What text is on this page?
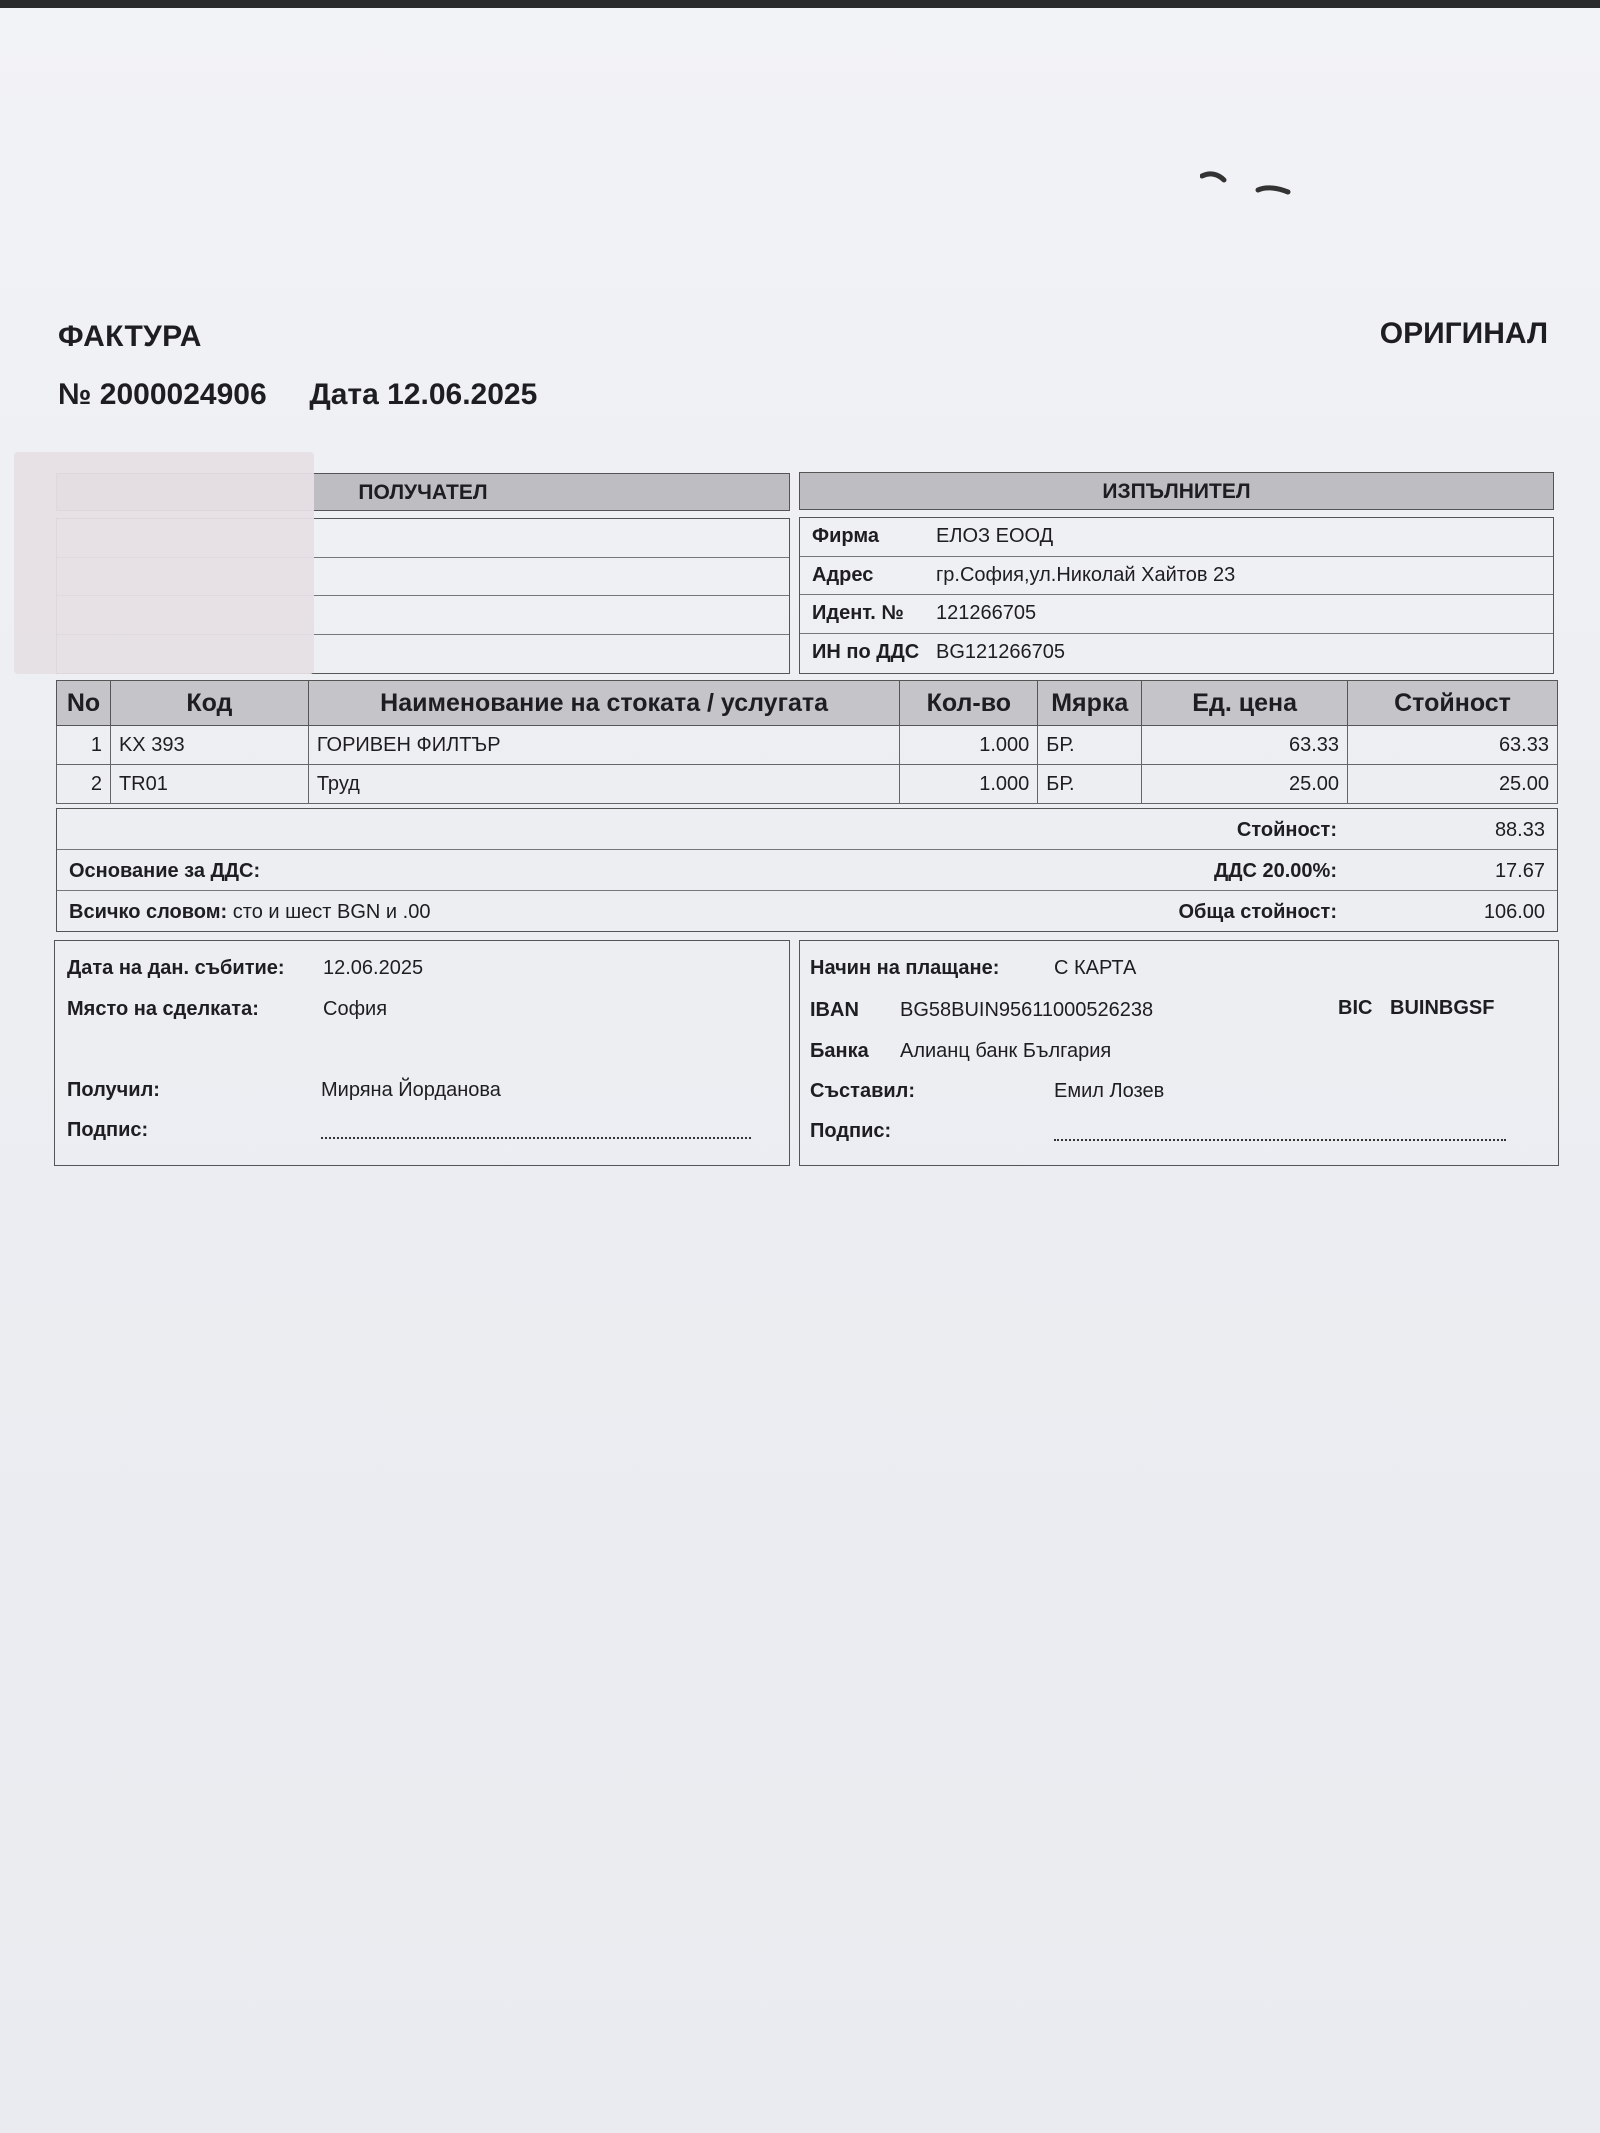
ФАКТУРА	ОРИГИНАЛ
№ 2000024906 Дата 12.06.2025
ПОЛУЧАТЕЛ	ИЗПЪЛНИТЕЛ
Фирма	ЕЛОЗ ЕООД
Адрес	гр.София,ул.Николай Хайтов 23
Идент. №	121266705
ИН по ДДС BG121266705
No	Код	Наименование на стоката / услугата	Кол-во	Мярка	Ед. цена	Стойност
1	KX 393	ГОРИВЕН ФИЛТЪР	1.000	БР.	63.33	63.33
2	TR01	Труд	1.000	БР.	25.00	25.00
Стойност:	88.33
Основание за ДДС:	ДДС 20.00%:	17.67
Всичко словом: сто и шест BGN и .00	Обща стойност:	106.00
Дата на дан. събитие: 12.06.2025
Място на сделката:	София
Получил:	Миряна Йорданова
Подпис:
Начин на плащане:	С КАРТА
IBAN BG58BUIN95611000526238	BIC BUINBGSF
Банка Алианц банк България
Съставил:	Емил Лозев
Подпис:
